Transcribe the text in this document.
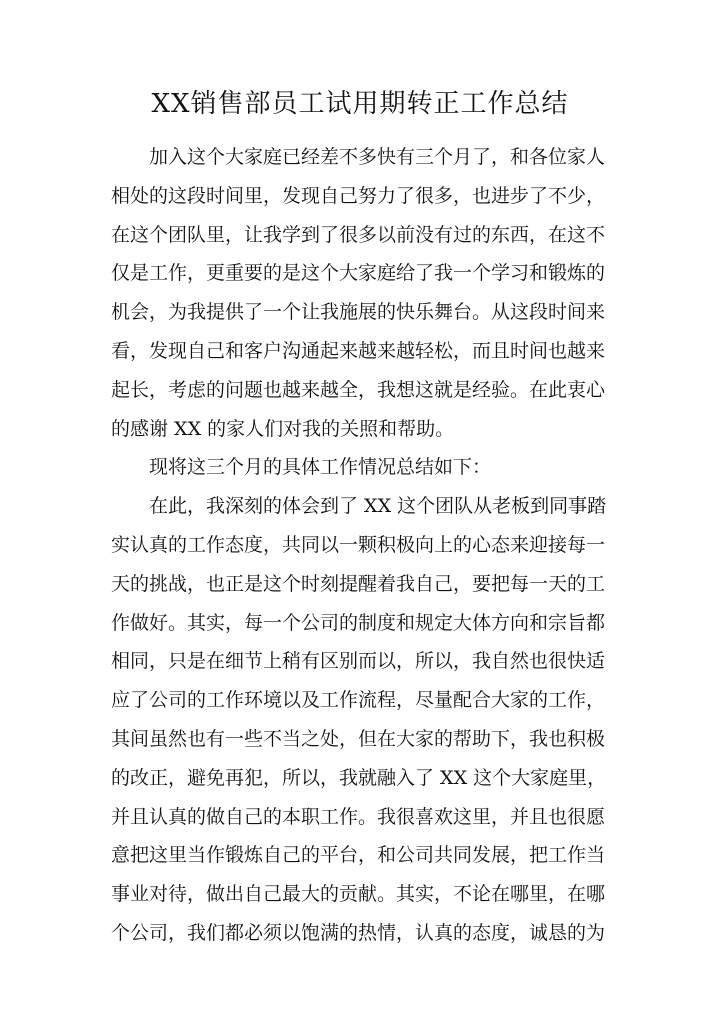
XX销售部员工试用期转正工作总结
加入这个大家庭已经差不多快有三个月了，和各位家人
相处的这段时间里，发现自己努力了很多，也进步了不少，
在这个团队里，让我学到了很多以前没有过的东西，在这不
仅是工作，更重要的是这个大家庭给了我一个学习和锻炼的
机会，为我提供了一个让我施展的快乐舞台。从这段时间来
看，发现自己和客户沟通起来越来越轻松，而且时间也越来
起长，考虑的问题也越来越全，我想这就是经验。在此衷心
的感谢 XX 的家人们对我的关照和帮助。
现将这三个月的具体工作情况总结如下：
在此，我深刻的体会到了 XX 这个团队从老板到同事踏
实认真的工作态度，共同以一颗积极向上的心态来迎接每一
天的挑战，也正是这个时刻提醒着我自己，要把每一天的工
作做好。其实，每一个公司的制度和规定大体方向和宗旨都
相同，只是在细节上稍有区别而以，所以，我自然也很快适
应了公司的工作环境以及工作流程，尽量配合大家的工作，
其间虽然也有一些不当之处，但在大家的帮助下，我也积极
的改正，避免再犯，所以，我就融入了 XX 这个大家庭里，
并且认真的做自己的本职工作。我很喜欢这里，并且也很愿
意把这里当作锻炼自己的平台，和公司共同发展，把工作当
事业对待，做出自己最大的贡献。其实，不论在哪里，在哪
个公司，我们都必须以饱满的热情，认真的态度，诚恳的为
